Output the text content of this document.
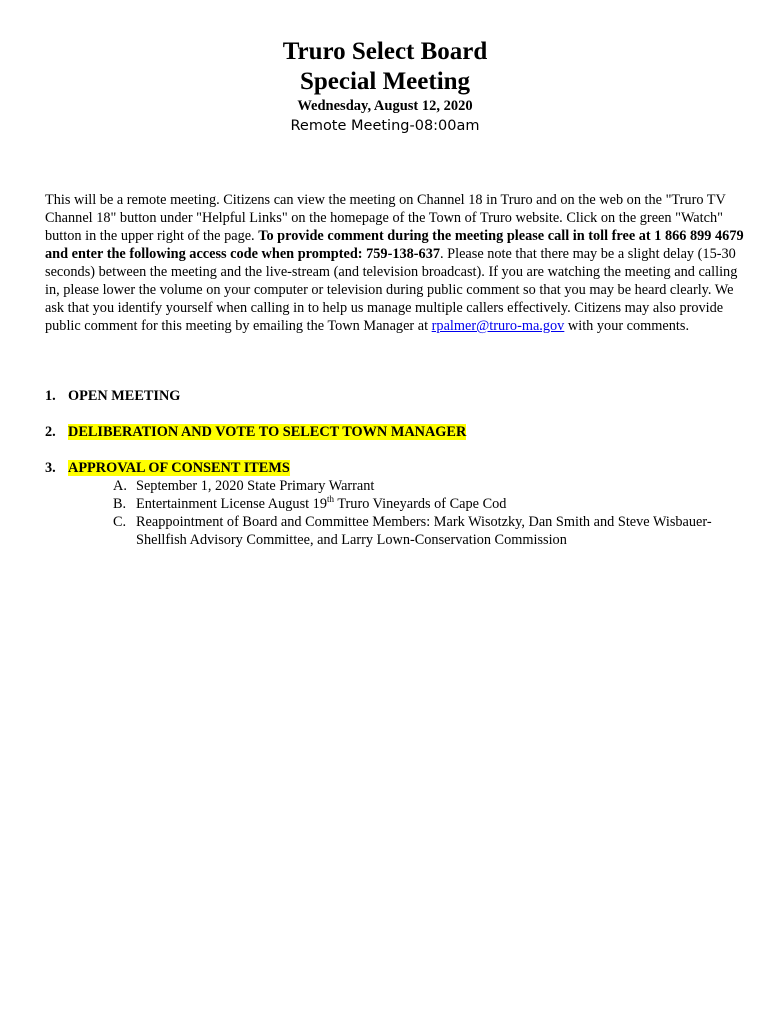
Truro Select Board
Special Meeting
Wednesday, August 12, 2020
Remote Meeting-08:00am
This will be a remote meeting. Citizens can view the meeting on Channel 18 in Truro and on the web on the "Truro TV Channel 18" button under "Helpful Links" on the homepage of the Town of Truro website. Click on the green "Watch" button in the upper right of the page. To provide comment during the meeting please call in toll free at 1 866 899 4679 and enter the following access code when prompted: 759-138-637. Please note that there may be a slight delay (15-30 seconds) between the meeting and the live-stream (and television broadcast). If you are watching the meeting and calling in, please lower the volume on your computer or television during public comment so that you may be heard clearly. We ask that you identify yourself when calling in to help us manage multiple callers effectively. Citizens may also provide public comment for this meeting by emailing the Town Manager at rpalmer@truro-ma.gov with your comments.
1. OPEN MEETING
2. DELIBERATION AND VOTE TO SELECT TOWN MANAGER
3. APPROVAL OF CONSENT ITEMS
A. September 1, 2020 State Primary Warrant
B. Entertainment License August 19th Truro Vineyards of Cape Cod
C. Reappointment of Board and Committee Members: Mark Wisotzky, Dan Smith and Steve Wisbauer-Shellfish Advisory Committee, and Larry Lown-Conservation Commission
